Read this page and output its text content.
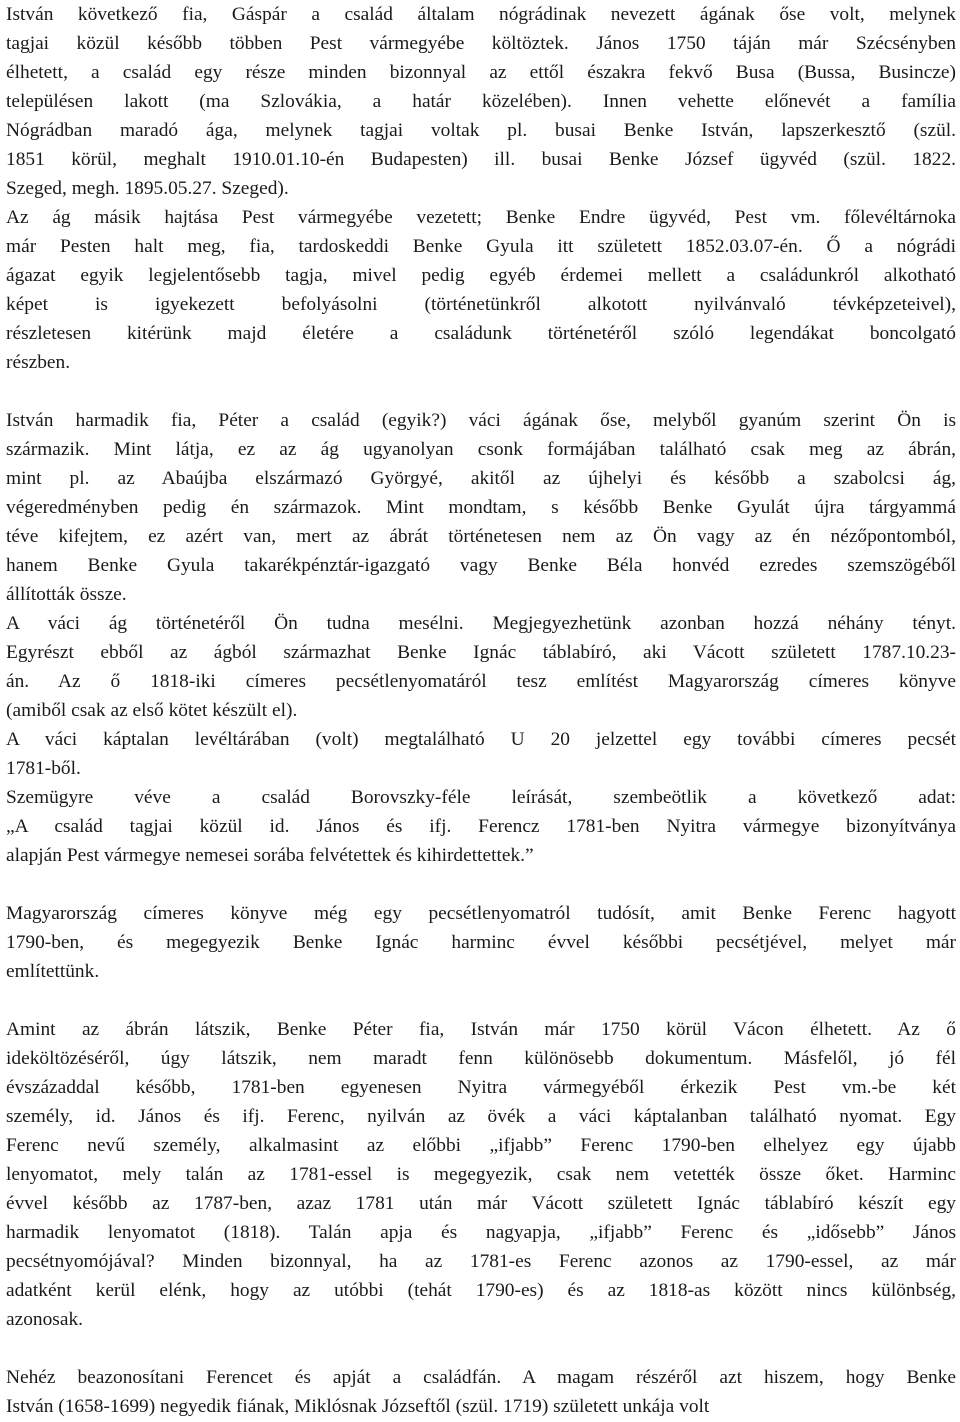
István következő fia, Gáspár a család általam nógrádinak nevezett ágának őse volt, melynek
tagjai közül később többen Pest vármegyébe költöztek. János 1750 táján már Szécsényben
élhetett, a család egy része minden bizonnyal az ettől északra fekvő Busa (Bussa, Busincze)
településen lakott (ma Szlovákia, a határ közelében). Innen vehette előnevét a família
Nógrádban maradó ága, melynek tagjai voltak pl. busai Benke István, lapszerkesztő (szül.
1851 körül, meghalt 1910.01.10-én Budapesten) ill. busai Benke József ügyvéd (szül. 1822.
Szeged, megh. 1895.05.27. Szeged).
Az ág másik hajtása Pest vármegyébe vezetett; Benke Endre ügyvéd, Pest vm. főlevéltárnoka
már Pesten halt meg, fia, tardoskeddi Benke Gyula itt született 1852.03.07-én. Ő a nógrádi
ágazat egyik legjelentősebb tagja, mivel pedig egyéb érdemei mellett a családunkról alkotható
képet is igyekezett befolyásolni (történetünkről alkotott nyilvánvaló tévképzeteivel),
részletesen kitérünk majd életére a családunk történetéről szóló legendákat boncolgató
részben.
István harmadik fia, Péter a család (egyik?) váci ágának őse, melyből gyanúm szerint Ön is
származik. Mint látja, ez az ág ugyanolyan csonk formájában található csak meg az ábrán,
mint pl. az Abaújba elszármazó Györgyé, akitől az újhelyi és később a szabolcsi ág,
végeredményben pedig én származok. Mint mondtam, s később Benke Gyulát újra tárgyammá
téve kifejtem, ez azért van, mert az ábrát történetesen nem az Ön vagy az én nézőpontomból,
hanem Benke Gyula takarékpénztár-igazgató vagy Benke Béla honvéd ezredes szemszögéből
állították össze.
A váci ág történetéről Ön tudna mesélni. Megjegyezhetünk azonban hozzá néhány tényt.
Egyrészt ebből az ágból származhat Benke Ignác táblabíró, aki Vácott született 1787.10.23-
án. Az ő 1818-iki címeres pecsétlenyomatáról tesz említést Magyarország címeres könyve
(amiből csak az első kötet készült el).
A váci káptalan levéltárában (volt) megtalálható U 20 jelzettel egy további címeres pecsét
1781-ből.
Szemügyre véve a család Borovszky-féle leírását, szembeötlik a következő adat:
„A család tagjai közül id. János és ifj. Ferencz 1781-ben Nyitra vármegye bizonyítványa
alapján Pest vármegye nemesei sorába felvétettek és kihirdettettek.”
Magyarország címeres könyve még egy pecsétlenyomatról tudósít, amit Benke Ferenc hagyott
1790-ben, és megegyezik Benke Ignác harminc évvel későbbi pecsétjével, melyet már
említettünk.
Amint az ábrán látszik, Benke Péter fia, István már 1750 körül Vácon élhetett. Az ő
ideköltözéséről, úgy látszik, nem maradt fenn különösebb dokumentum. Másfelől, jó fél
évszázaddal később, 1781-ben egyenesen Nyitra vármegyéből érkezik Pest vm.-be két
személy, id. János és ifj. Ferenc, nyilván az övék a váci káptalanban található nyomat. Egy
Ferenc nevű személy, alkalmasint az előbbi „ifjabb” Ferenc 1790-ben elhelyez egy újabb
lenyomatot, mely talán az 1781-essel is megegyezik, csak nem vetették össze őket. Harminc
évvel később az 1787-ben, azaz 1781 után már Vácott született Ignác táblabíró készít egy
harmadik lenyomatot (1818). Talán apja és nagyapja, „ifjabb” Ferenc és „idősebb” János
pecsétnyomójával? Minden bizonnyal, ha az 1781-es Ferenc azonos az 1790-essel, az már
adatként kerül elénk, hogy az utóbbi (tehát 1790-es) és az 1818-as között nincs különbség,
azonosak.
Nehéz beazonosítani Ferencet és apját a családfán. A magam részéről azt hiszem, hogy Benke
István (1658-1699) negyedik fiának, Miklósnak Józseftől (szül. 1719) született unkája volt
